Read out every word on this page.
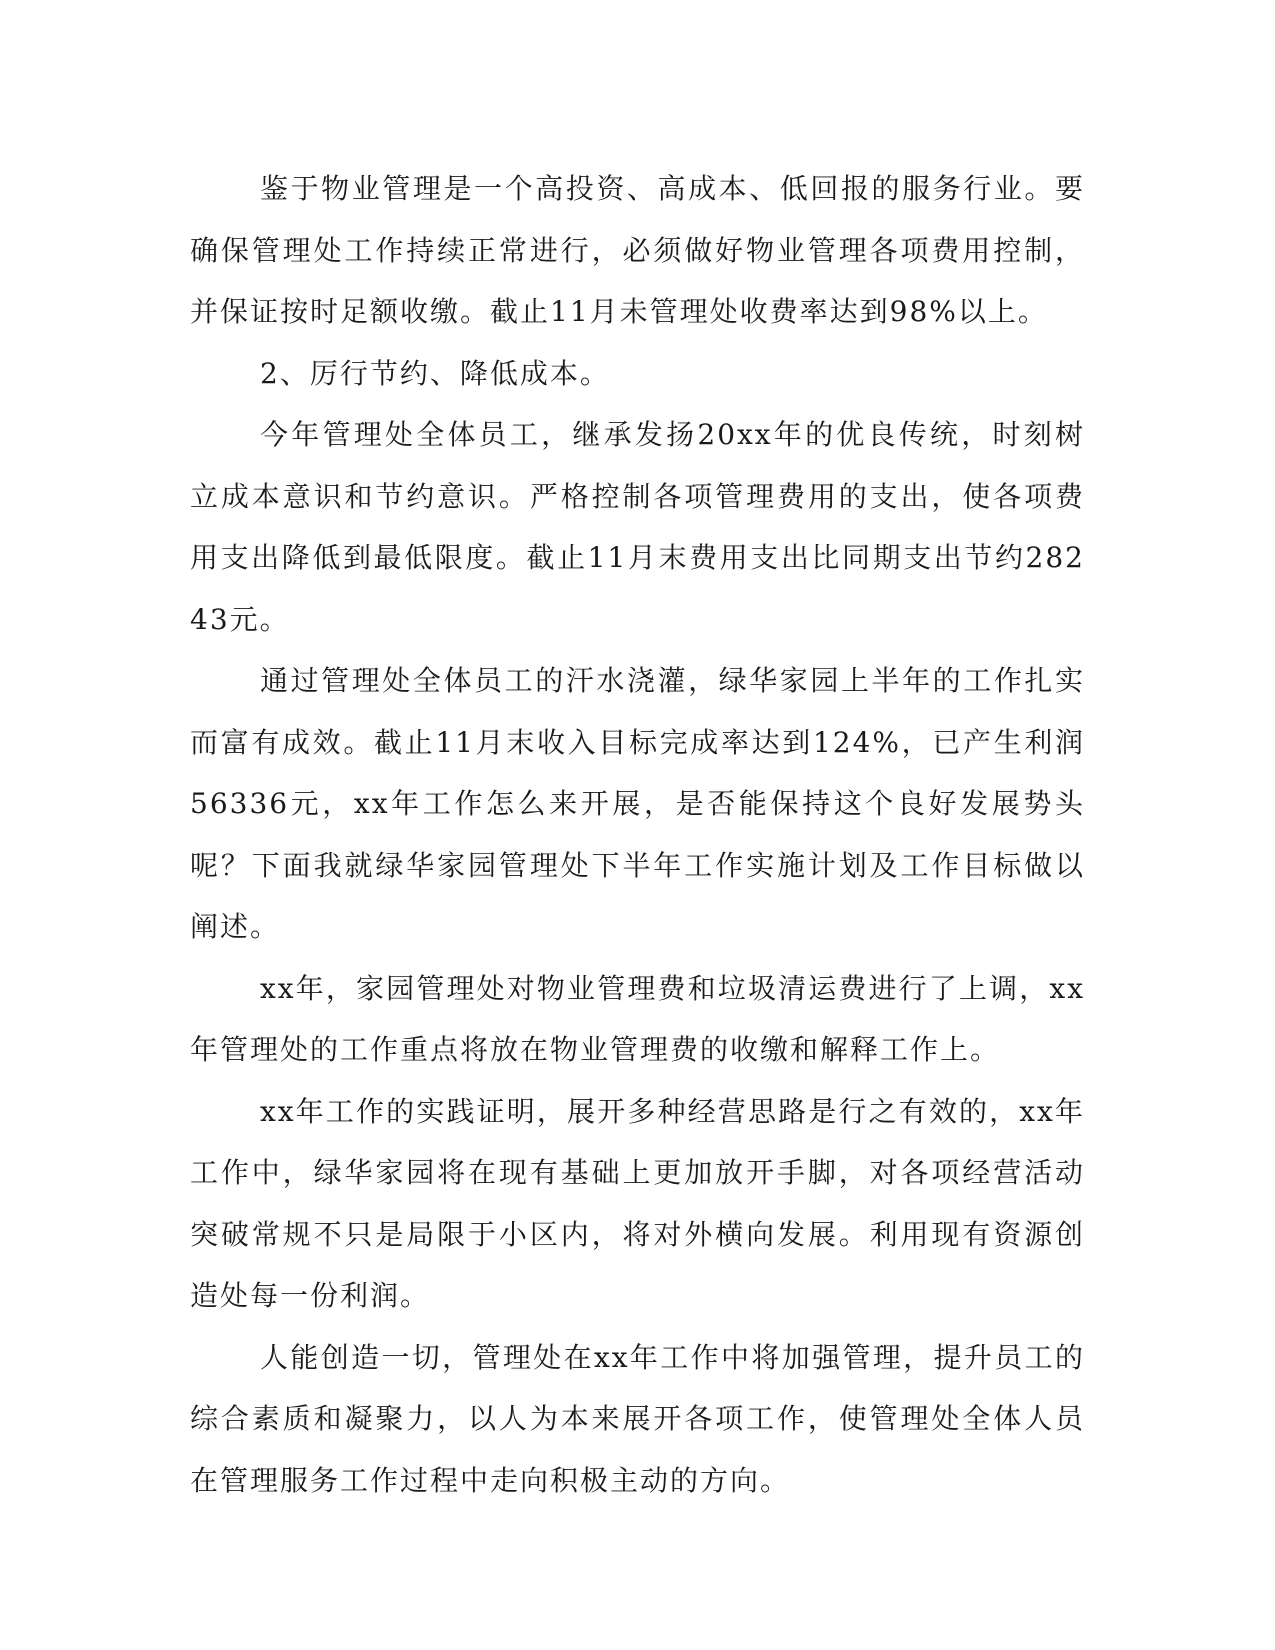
鉴于物业管理是一个高投资、高成本、低回报的服务行业。要确保管理处工作持续正常进行，必须做好物业管理各项费用控制，并保证按时足额收缴。截止11月未管理处收费率达到98%以上。

2、厉行节约、降低成本。

今年管理处全体员工，继承发扬20xx年的优良传统，时刻树立成本意识和节约意识。严格控制各项管理费用的支出，使各项费用支出降低到最低限度。截止11月末费用支出比同期支出节约28243元。

通过管理处全体员工的汗水浇灌，绿华家园上半年的工作扎实而富有成效。截止11月末收入目标完成率达到124%，已产生利润56336元，xx年工作怎么来开展，是否能保持这个良好发展势头呢？下面我就绿华家园管理处下半年工作实施计划及工作目标做以阐述。

xx年，家园管理处对物业管理费和垃圾清运费进行了上调，xx年管理处的工作重点将放在物业管理费的收缴和解释工作上。

xx年工作的实践证明，展开多种经营思路是行之有效的，xx年工作中，绿华家园将在现有基础上更加放开手脚，对各项经营活动突破常规不只是局限于小区内，将对外横向发展。利用现有资源创造处每一份利润。

人能创造一切，管理处在xx年工作中将加强管理，提升员工的综合素质和凝聚力，以人为本来展开各项工作，使管理处全体人员在管理服务工作过程中走向积极主动的方向。
